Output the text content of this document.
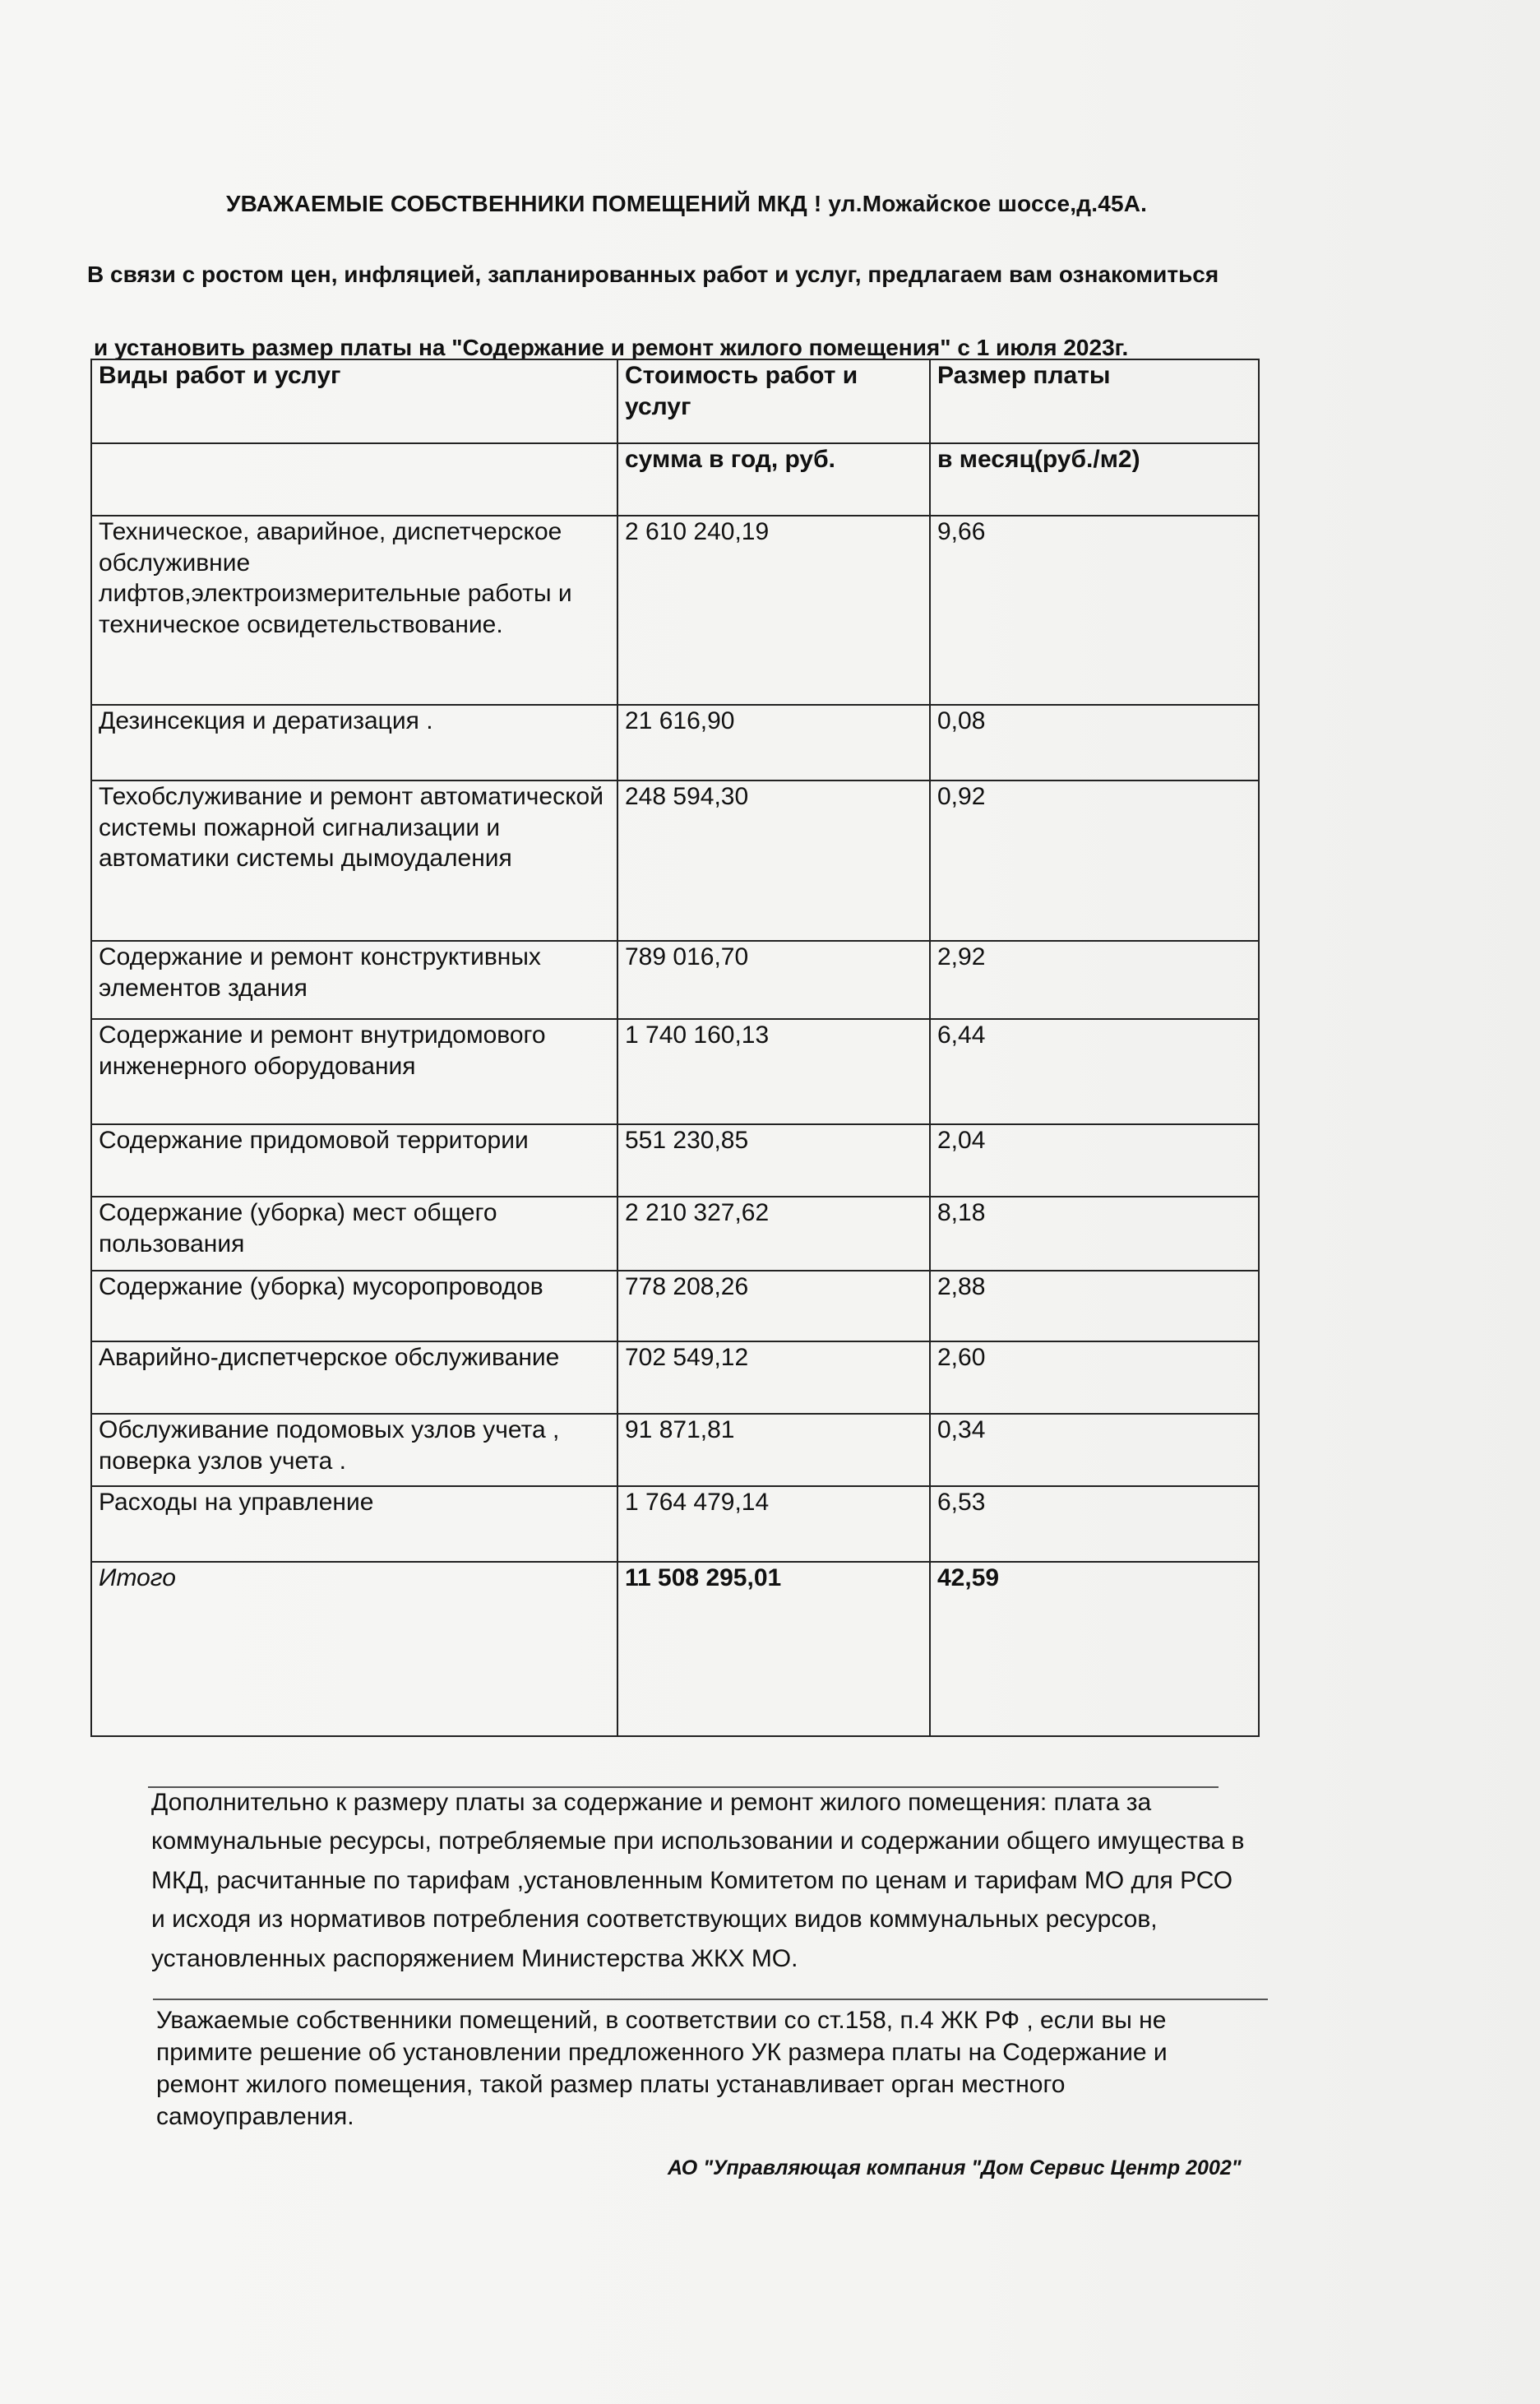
УВАЖАЕМЫЕ СОБСТВЕННИКИ ПОМЕЩЕНИЙ МКД ! ул.Можайское шоссе,д.45А.
В связи с ростом цен, инфляцией, запланированных работ и услуг, предлагаем вам ознакомиться
и установить размер платы на "Содержание и ремонт жилого помещения" с 1 июля 2023г.
Виды работ и услуг	Стоимость работ и услуг	Размер платы
	сумма в год, руб.	в месяц(руб./м2)
Техническое, аварийное, диспетчерское обслуживние лифтов,электроизмерительные работы и техническое освидетельствование.	2 610 240,19	9,66
Дезинсекция и дератизация .	21 616,90	0,08
Техобслуживание и ремонт автоматической системы пожарной сигнализации и автоматики системы дымоудаления	248 594,30	0,92
Содержание и ремонт конструктивных элементов здания	789 016,70	2,92
Содержание и ремонт внутридомового инженерного оборудования	1 740 160,13	6,44
Содержание придомовой территории	551 230,85	2,04
Содержание (уборка) мест общего пользования	2 210 327,62	8,18
Содержание (уборка) мусоропроводов	778 208,26	2,88
Аварийно-диспетчерское обслуживание	702 549,12	2,60
Обслуживание подомовых узлов учета , поверка узлов учета .	91 871,81	0,34
Расходы на управление	1 764 479,14	6,53
Итого	11 508 295,01	42,59
Дополнительно к размеру платы за содержание и ремонт жилого помещения: плата за коммунальные ресурсы, потребляемые при использовании и содержании общего имущества в МКД, расчитанные по тарифам ,установленным Комитетом по ценам и тарифам МО для РСО и исходя из нормативов потребления соответствующих видов коммунальных ресурсов, установленных распоряжением Министерства ЖКХ МО.
Уважаемые собственники помещений, в соответствии со ст.158, п.4 ЖК РФ , если вы не примите решение об установлении предложенного УК размера платы на Содержание и ремонт жилого помещения, такой размер платы устанавливает орган местного самоуправления.
АО "Управляющая компания "Дом Сервис Центр 2002"
